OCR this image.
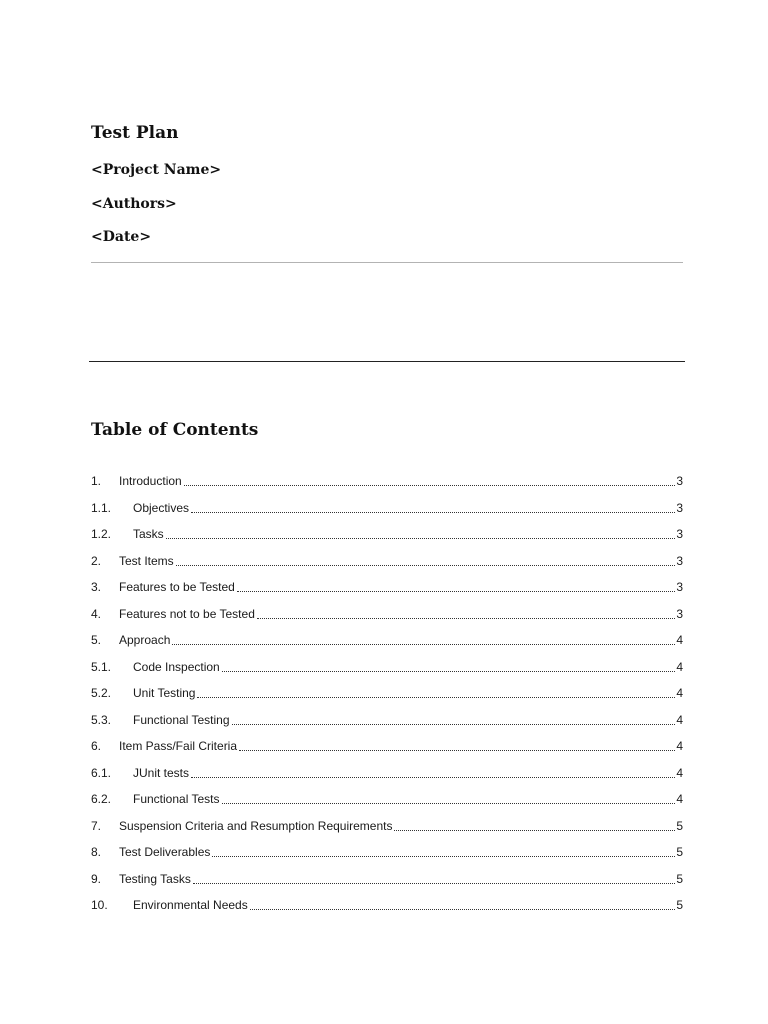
Test Plan

<Project Name>

<Authors>

<Date>

Table of Contents
1.	Introduction	3
1.1.	Objectives	3
1.2.	Tasks	3
2.	Test Items	3
3.	Features to be Tested	3
4.	Features not to be Tested	3
5.	Approach	4
5.1.	Code Inspection	4
5.2.	Unit Testing	4
5.3.	Functional Testing	4
6.	Item Pass/Fail Criteria	4
6.1.	JUnit tests	4
6.2.	Functional Tests	4
7.	Suspension Criteria and Resumption Requirements	5
8.	Test Deliverables	5
9.	Testing Tasks	5
10.	Environmental Needs	5
